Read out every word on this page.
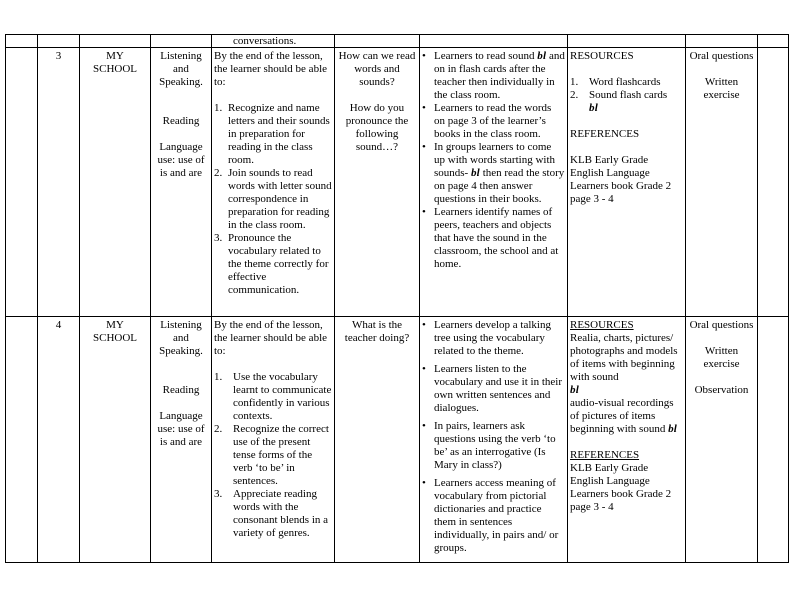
conversations.
3	MY SCHOOL
Listening and Speaking.
Reading
Language use: use of is and are
By the end of the lesson, the learner should be able to:
1. Recognize and name letters and their sounds in preparation for reading in the class room.
2. Join sounds to read words with letter sound correspondence in preparation for reading in the class room.
3. Pronounce the vocabulary related to the theme correctly for effective communication.
How can we read words and sounds?
How do you pronounce the following sound…?
• Learners to read sound bl and on in flash cards after the teacher then individually in the class room.
• Learners to read the words on page 3 of the learner’s books in the class room.
• In groups learners to come up with words starting with sounds- bl then read the story on page 4 then answer questions in their books.
• Learners identify names of peers, teachers and objects that have the sound in the classroom, the school and at home.
RESOURCES
1. Word flashcards
2. Sound flash cards
bl
REFERENCES
KLB Early Grade English Language Learners book Grade 2 page 3 - 4
Oral questions
Written exercise
4	MY SCHOOL
Listening and Speaking.
Reading
Language use: use of is and are
By the end of the lesson, the learner should be able to:
1. Use the vocabulary learnt to communicate confidently in various contexts.
2. Recognize the correct use of the present tense forms of the verb ‘to be’ in sentences.
3. Appreciate reading words with the consonant blends in a variety of genres.
What is the teacher doing?
• Learners develop a talking tree using the vocabulary related to the theme.
• Learners listen to the vocabulary and use it in their own written sentences and dialogues.
• In pairs, learners ask questions using the verb ‘to be’ as an interrogative (Is Mary in class?)
• Learners access meaning of vocabulary from pictorial dictionaries and practice them in sentences individually, in pairs and/ or groups.
RESOURCES
Realia, charts, pictures/ photographs and models of items with beginning with sound
bl
audio-visual recordings of pictures of items beginning with sound bl
REFERENCES
KLB Early Grade English Language Learners book Grade 2 page 3 - 4
Oral questions
Written exercise
Observation
